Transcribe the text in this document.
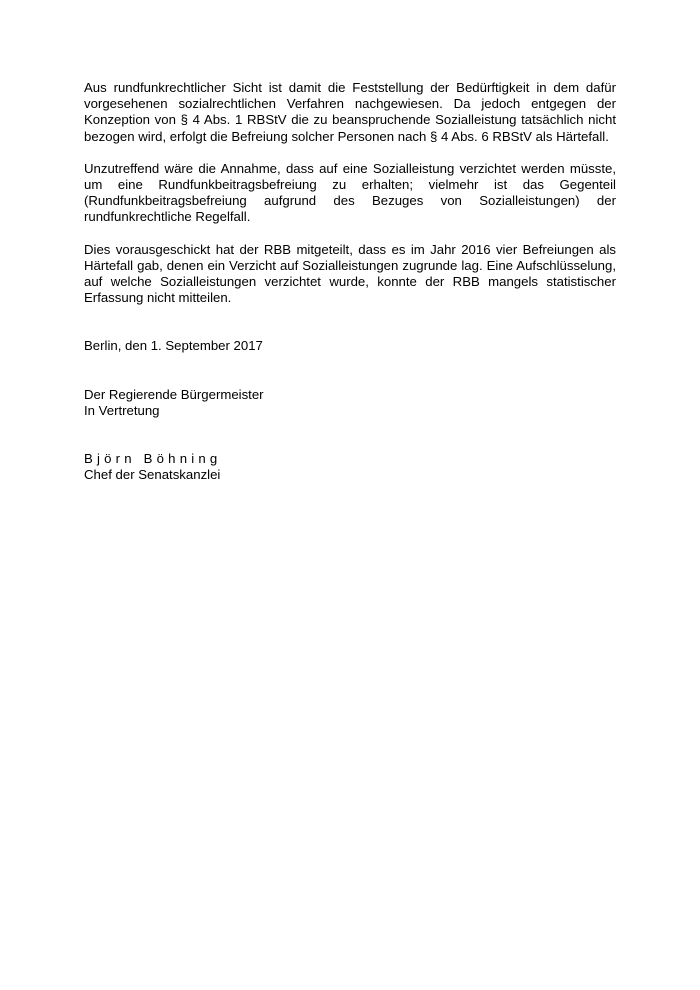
Aus rundfunkrechtlicher Sicht ist damit die Feststellung der Bedürftigkeit in dem dafür vorgesehenen sozialrechtlichen Verfahren nachgewiesen. Da jedoch entgegen der Konzeption von § 4 Abs. 1 RBStV die zu beanspruchende Sozialleistung tatsächlich nicht bezogen wird, erfolgt die Befreiung solcher Personen nach § 4 Abs. 6 RBStV als Härtefall.

Unzutreffend wäre die Annahme, dass auf eine Sozialleistung verzichtet werden müsste, um eine Rundfunkbeitragsbefreiung zu erhalten; vielmehr ist das Gegenteil (Rundfunkbeitragsbefreiung aufgrund des Bezuges von Sozialleistungen) der rundfunkrechtliche Regelfall.

Dies vorausgeschickt hat der RBB mitgeteilt, dass es im Jahr 2016 vier Befreiungen als Härtefall gab, denen ein Verzicht auf Sozialleistungen zugrunde lag. Eine Aufschlüsselung, auf welche Sozialleistungen verzichtet wurde, konnte der RBB mangels statistischer Erfassung nicht mitteilen.

Berlin, den 1. September 2017

Der Regierende Bürgermeister

In Vertretung

Björn Böhning

Chef der Senatskanzlei
